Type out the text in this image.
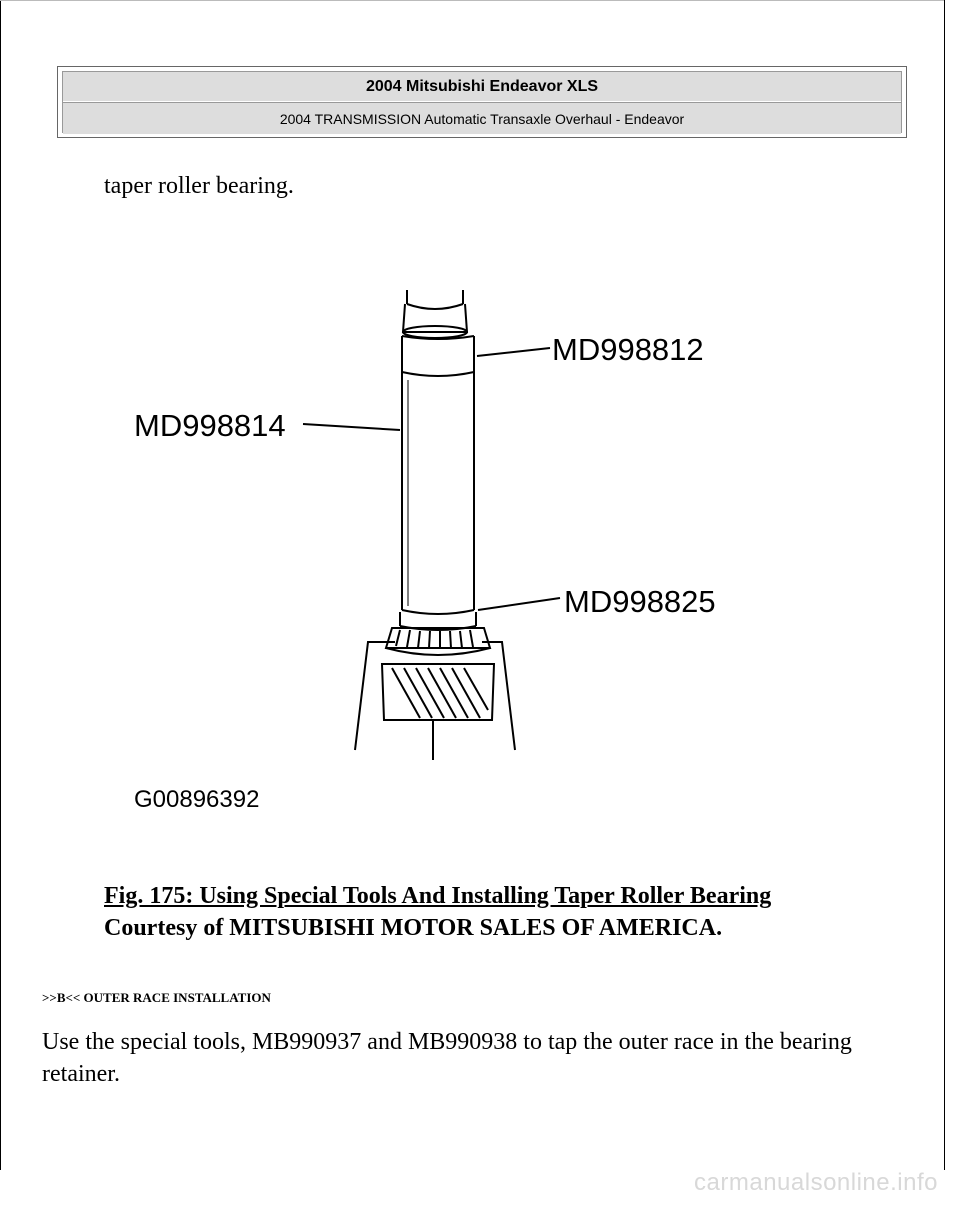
2004 Mitsubishi Endeavor XLS
2004 TRANSMISSION Automatic Transaxle Overhaul - Endeavor
taper roller bearing.
MD998812
MD998814
MD998825
G00896392
Fig. 175: Using Special Tools And Installing Taper Roller Bearing
Courtesy of MITSUBISHI MOTOR SALES OF AMERICA.
>>B<< OUTER RACE INSTALLATION
Use the special tools, MB990937 and MB990938 to tap the outer race in the bearing retainer.
carmanualsonline.info
